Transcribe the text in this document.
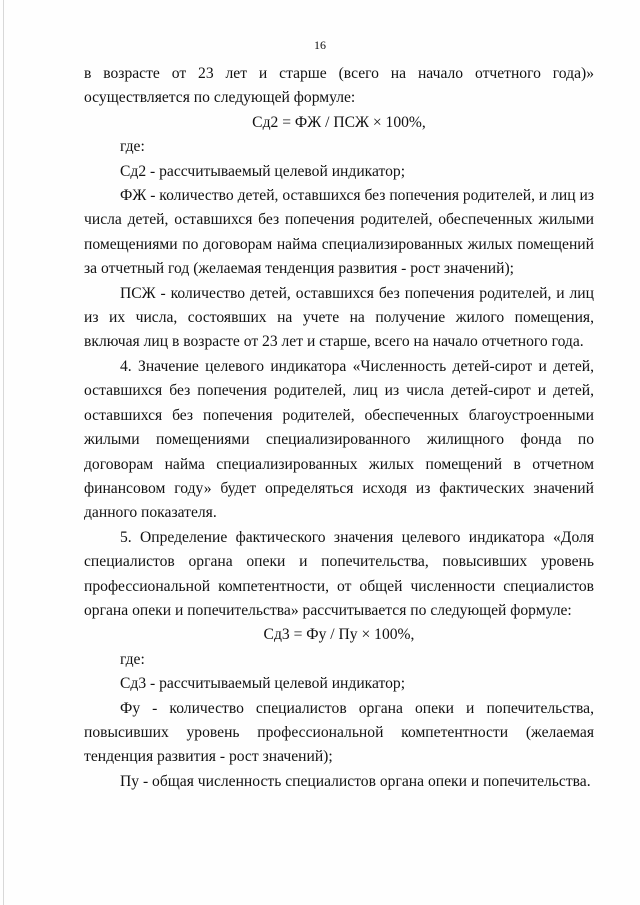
16

в возрасте от 23 лет и старше (всего на начало отчетного года)» осуществляется по следующей формуле:

Сд2 = ФЖ / ПСЖ × 100%,

где:

Сд2 - рассчитываемый целевой индикатор;

ФЖ - количество детей, оставшихся без попечения родителей, и лиц из числа детей, оставшихся без попечения родителей, обеспеченных жилыми помещениями по договорам найма специализированных жилых помещений за отчетный год (желаемая тенденция развития - рост значений);

ПСЖ - количество детей, оставшихся без попечения родителей, и лиц из их числа, состоявших на учете на получение жилого помещения, включая лиц в возрасте от 23 лет и старше, всего на начало отчетного года.

4. Значение целевого индикатора «Численность детей-сирот и детей, оставшихся без попечения родителей, лиц из числа детей-сирот и детей, оставшихся без попечения родителей, обеспеченных благоустроенными жилыми помещениями специализированного жилищного фонда по договорам найма специализированных жилых помещений в отчетном финансовом году» будет определяться исходя из фактических значений данного показателя.

5. Определение фактического значения целевого индикатора «Доля специалистов органа опеки и попечительства, повысивших уровень профессиональной компетентности, от общей численности специалистов органа опеки и попечительства» рассчитывается по следующей формуле:

Сд3 = Фу / Пу × 100%,

где:

Сд3 - рассчитываемый целевой индикатор;

Фу - количество специалистов органа опеки и попечительства, повысивших уровень профессиональной компетентности (желаемая тенденция развития - рост значений);

Пу - общая численность специалистов органа опеки и попечительства.
